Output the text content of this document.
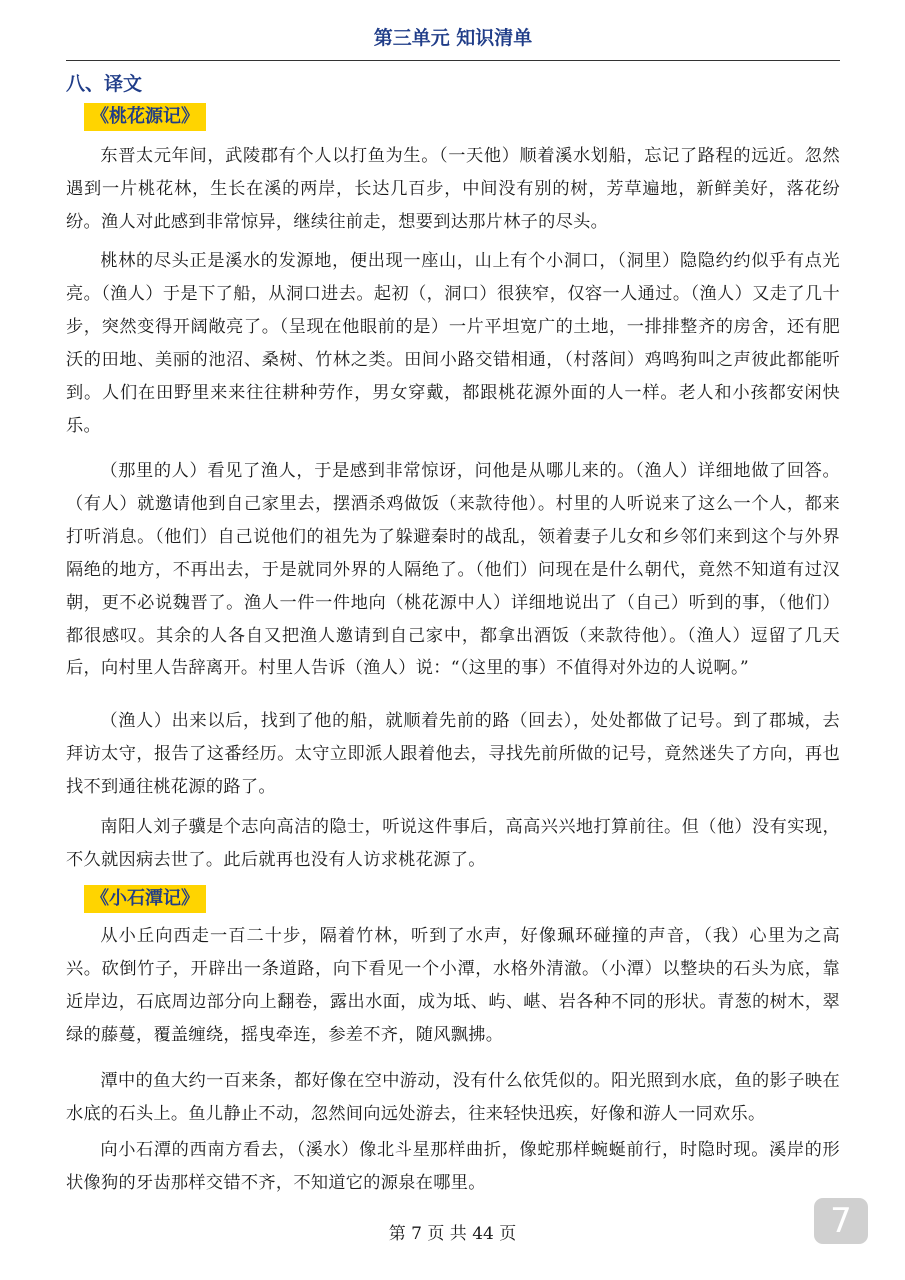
第三单元 知识清单
八、译文
《桃花源记》

东晋太元年间，武陵郡有个人以打鱼为生。（一天他）顺着溪水划船，忘记了路程的远近。忽然遇到一片桃花林，生长在溪的两岸，长达几百步，中间没有别的树，芳草遍地，新鲜美好，落花纷纷。渔人对此感到非常惊异，继续往前走，想要到达那片林子的尽头。

桃林的尽头正是溪水的发源地，便出现一座山，山上有个小洞口，（洞里）隐隐约约似乎有点光亮。（渔人）于是下了船，从洞口进去。起初（，洞口）很狭窄，仅容一人通过。（渔人）又走了几十步，突然变得开阔敞亮了。（呈现在他眼前的是）一片平坦宽广的土地，一排排整齐的房舍，还有肥沃的田地、美丽的池沼、桑树、竹林之类。田间小路交错相通，（村落间）鸡鸣狗叫之声彼此都能听到。人们在田野里来来往往耕种劳作，男女穿戴，都跟桃花源外面的人一样。老人和小孩都安闲快乐。

（那里的人）看见了渔人，于是感到非常惊讶，问他是从哪儿来的。（渔人）详细地做了回答。（有人）就邀请他到自己家里去，摆酒杀鸡做饭（来款待他）。村里的人听说来了这么一个人，都来打听消息。（他们）自己说他们的祖先为了躲避秦时的战乱，领着妻子儿女和乡邻们来到这个与外界隔绝的地方，不再出去，于是就同外界的人隔绝了。（他们）问现在是什么朝代，竟然不知道有过汉朝，更不必说魏晋了。渔人一件一件地向（桃花源中人）详细地说出了（自己）听到的事，（他们）都很感叹。其余的人各自又把渔人邀请到自己家中，都拿出酒饭（来款待他）。（渔人）逗留了几天后，向村里人告辞离开。村里人告诉（渔人）说：“（这里的事）不值得对外边的人说啊。”

（渔人）出来以后，找到了他的船，就顺着先前的路（回去），处处都做了记号。到了郡城，去拜访太守，报告了这番经历。太守立即派人跟着他去，寻找先前所做的记号，竟然迷失了方向，再也找不到通往桃花源的路了。

南阳人刘子骥是个志向高洁的隐士，听说这件事后，高高兴兴地打算前往。但（他）没有实现，不久就因病去世了。此后就再也没有人访求桃花源了。

《小石潭记》

从小丘向西走一百二十步，隔着竹林，听到了水声，好像珮环碰撞的声音，（我）心里为之高兴。砍倒竹子，开辟出一条道路，向下看见一个小潭，水格外清澈。（小潭）以整块的石头为底，靠近岸边，石底周边部分向上翻卷，露出水面，成为坻、屿、嵁、岩各种不同的形状。青葱的树木，翠绿的藤蔓，覆盖缠绕，摇曳牵连，参差不齐，随风飘拂。

潭中的鱼大约一百来条，都好像在空中游动，没有什么依凭似的。阳光照到水底，鱼的影子映在水底的石头上。鱼儿静止不动，忽然间向远处游去，往来轻快迅疾，好像和游人一同欢乐。

向小石潭的西南方看去，（溪水）像北斗星那样曲折，像蛇那样蜿蜒前行，时隐时现。溪岸的形状像狗的牙齿那样交错不齐，不知道它的源泉在哪里。

第 7 页 共 44 页	7
